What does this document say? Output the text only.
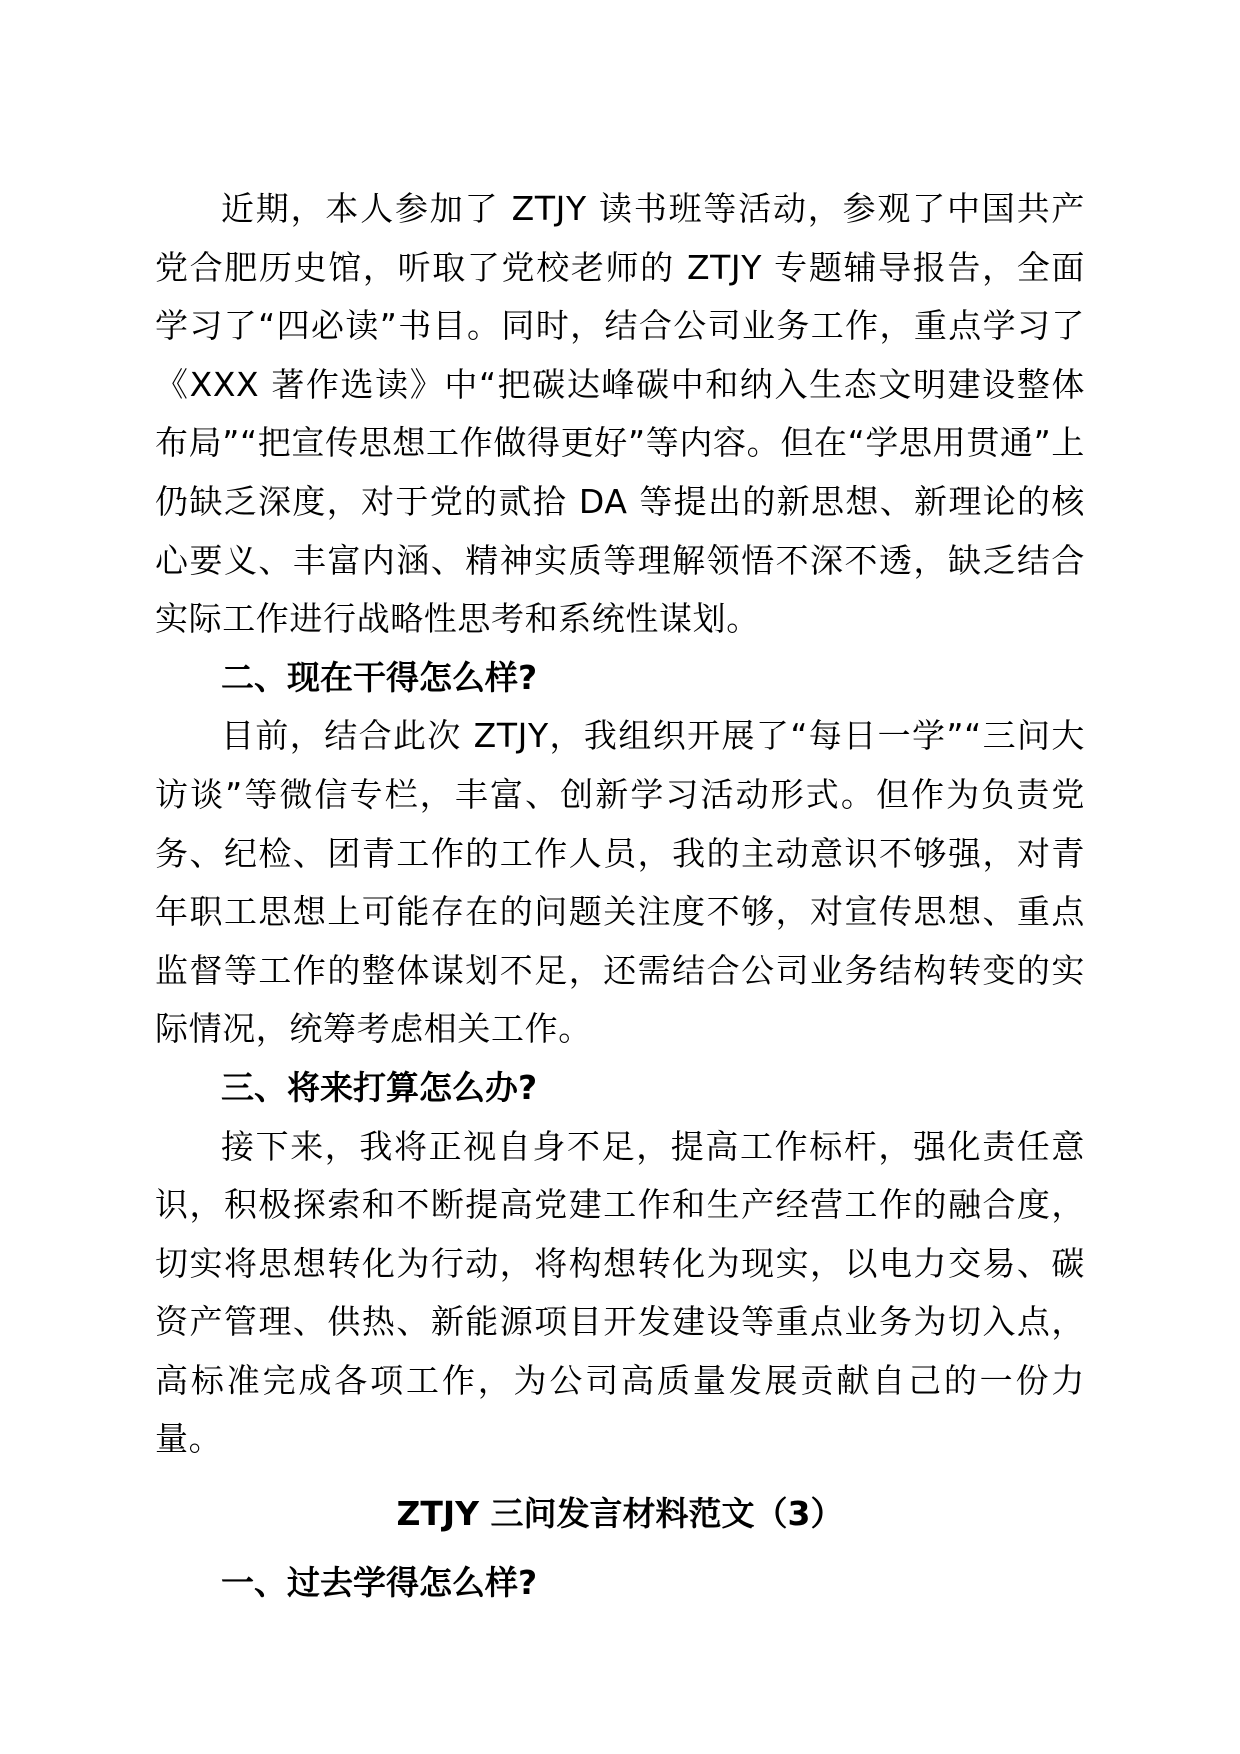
近期，本人参加了 ZTJY 读书班等活动，参观了中国共产党合肥历史馆，听取了党校老师的 ZTJY 专题辅导报告，全面学习了“四必读”书目。同时，结合公司业务工作，重点学习了《XXX 著作选读》中“把碳达峰碳中和纳入生态文明建设整体布局”“把宣传思想工作做得更好”等内容。但在“学思用贯通”上仍缺乏深度，对于党的贰拾 DA 等提出的新思想、新理论的核心要义、丰富内涵、精神实质等理解领悟不深不透，缺乏结合实际工作进行战略性思考和系统性谋划。

二、现在干得怎么样?

目前，结合此次 ZTJY，我组织开展了“每日一学”“三问大访谈”等微信专栏，丰富、创新学习活动形式。但作为负责党务、纪检、团青工作的工作人员，我的主动意识不够强，对青年职工思想上可能存在的问题关注度不够，对宣传思想、重点监督等工作的整体谋划不足，还需结合公司业务结构转变的实际情况，统筹考虑相关工作。

三、将来打算怎么办?

接下来，我将正视自身不足，提高工作标杆，强化责任意识，积极探索和不断提高党建工作和生产经营工作的融合度，切实将思想转化为行动，将构想转化为现实，以电力交易、碳资产管理、供热、新能源项目开发建设等重点业务为切入点，高标准完成各项工作，为公司高质量发展贡献自己的一份力量。

ZTJY 三问发言材料范文（3）
一、过去学得怎么样?
